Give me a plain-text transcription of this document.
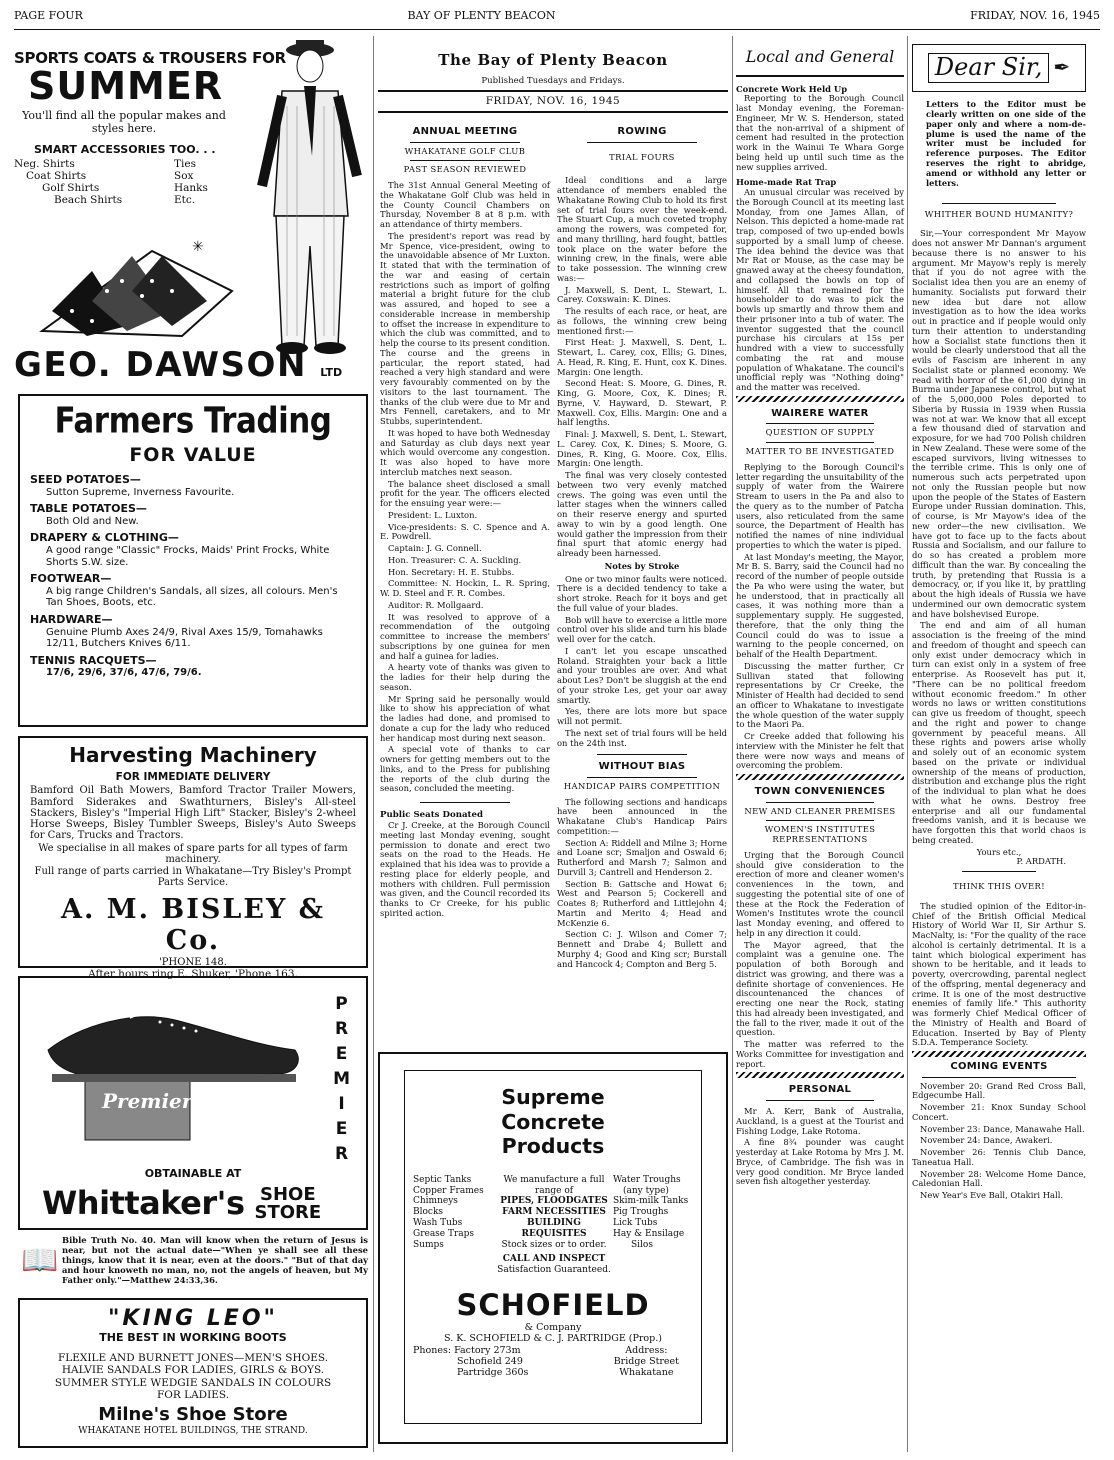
PAGE FOUR	BAY OF PLENTY BEACON	FRIDAY, NOV. 16, 1945
SPORTS COATS & TROUSERS FOR
SUMMER
You'll find all the popular makes and styles here.
SMART ACCESSORIES TOO. . .
Neg. Shirts
Coat Shirts
Golf Shirts
Beach Shirts
Ties
Sox
Hanks
Etc.
✳
GEO. DAWSON LTD
Farmers Trading
FOR VALUE
SEED POTATOES—
Sutton Supreme, Inverness Favourite.
TABLE POTATOES—
Both Old and New.
DRAPERY & CLOTHING—
A good range "Classic" Frocks, Maids' Print Frocks, White Shorts S.W. size.
FOOTWEAR—
A big range Children's Sandals, all sizes, all colours. Men's Tan Shoes, Boots, etc.
HARDWARE—
Genuine Plumb Axes 24/9, Rival Axes 15/9, Tomahawks 12/11, Butchers Knives 6/11.
TENNIS RACQUETS—
17/6, 29/6, 37/6, 47/6, 79/6.
Harvesting Machinery
FOR IMMEDIATE DELIVERY
Bamford Oil Bath Mowers, Bamford Tractor Trailer Mowers, Bamford Siderakes and Swathturners, Bisley's All-steel Stackers, Bisley's "Imperial High Lift" Stacker, Bisley's 2-wheel Horse Sweeps, Bisley Tumbler Sweeps, Bisley's Auto Sweeps for Cars, Trucks and Tractors.
We specialise in all makes of spare parts for all types of farm machinery.
Full range of parts carried in Whakatane—Try Bisley's Prompt Parts Service.
A. M. BISLEY & Co.
'PHONE 148.
After hours ring E. Shuker, 'Phone 163.
Premier
P
R
E
M
I
E
R
OBTAINABLE AT
Whittaker's SHOE
STORE
📖
Bible Truth No. 40. Man will know when the return of Jesus is near, but not the actual date—"When ye shall see all these things, know that it is near, even at the doors." "But of that day and hour knoweth no man, no, not the angels of heaven, but My Father only."—Matthew 24:33,36.
"KING LEO"
THE BEST IN WORKING BOOTS
FLEXILE AND BURNETT JONES—MEN'S SHOES.
HALVIE SANDALS FOR LADIES, GIRLS & BOYS.
SUMMER STYLE WEDGIE SANDALS IN COLOURS
FOR LADIES.
Milne's Shoe Store
WHAKATANE HOTEL BUILDINGS, THE STRAND.
The Bay of Plenty Beacon
Published Tuesdays and Fridays.
FRIDAY, NOV. 16, 1945
ANNUAL MEETING
WHAKATANE GOLF CLUB
PAST SEASON REVIEWED

The 31st Annual General Meeting of the Whakatane Golf Club was held in the County Council Chambers on Thursday, November 8 at 8 p.m. with an attendance of thirty members.

The president's report was read by Mr Spence, vice-president, owing to the unavoidable absence of Mr Luxton. It stated that with the termination of the war and easing of certain restrictions such as import of golfing material a bright future for the club was assured, and hoped to see a considerable increase in membership to offset the increase in expenditure to which the club was committed, and to help the course to its present condition. The course and the greens in particular, the report stated, had reached a very high standard and were very favourably commented on by the visitors to the last tournament. The thanks of the club were due to Mr and Mrs Fennell, caretakers, and to Mr Stubbs, superintendent.

It was hoped to have both Wednesday and Saturday as club days next year which would overcome any congestion. It was also hoped to have more interclub matches next season.

The balance sheet disclosed a small profit for the year. The officers elected for the ensuing year were:—

President: L. Luxton.

Vice-presidents: S. C. Spence and A. E. Powdrell.

Captain: J. G. Connell.

Hon. Treasurer: C. A. Suckling.

Hon. Secretary: H. E. Stubbs.

Committee: N. Hockin, L. R. Spring, W. D. Steel and F. R. Combes.

Auditor: R. Mollgaard.

It was resolved to approve of a recommendation of the outgoing committee to increase the members' subscriptions by one guinea for men and half a guinea for ladies.

A hearty vote of thanks was given to the ladies for their help during the season.

Mr Spring said he personally would like to show his appreciation of what the ladies had done, and promised to donate a cup for the lady who reduced her handicap most during next season.

A special vote of thanks to car owners for getting members out to the links, and to the Press for publishing the reports of the club during the season, concluded the meeting.

Public Seats Donated

Cr J. Creeke, at the Borough Council meeting last Monday evening, sought permission to donate and erect two seats on the road to the Heads. He explained that his idea was to provide a resting place for elderly people, and mothers with children. Full permission was given, and the Council recorded its thanks to Cr Creeke, for his public spirited action.

ROWING
TRIAL FOURS

Ideal conditions and a large attendance of members enabled the Whakatane Rowing Club to hold its first set of trial fours over the week-end. The Stuart Cup, a much coveted trophy among the rowers, was competed for, and many thrilling, hard fought, battles took place on the water before the winning crew, in the finals, were able to take possession. The winning crew was:—

J. Maxwell, S. Dent, L. Stewart, L. Carey. Coxswain: K. Dines.

The results of each race, or heat, are as follows, the winning crew being mentioned first:—

First Heat: J. Maxwell, S. Dent, L. Stewart, L. Carey, cox, Ellis; G. Dines, A. Head, R. King, E. Hunt, cox K. Dines. Margin: One length.

Second Heat: S. Moore, G. Dines, R. King, G. Moore, Cox, K. Dines; R. Byrne, V. Hayward, D. Stewart, P. Maxwell. Cox, Ellis. Margin: One and a half lengths.

Final: J. Maxwell, S. Dent, L. Stewart, L. Carey. Cox, K. Dines; S. Moore, G. Dines, R. King, G. Moore. Cox, Ellis. Margin: One length.

The final was very closely contested between two very evenly matched crews. The going was even until the latter stages when the winners called on their reserve energy and spurted away to win by a good length. One would gather the impression from their final spurt that atomic energy had already been harnessed.

Notes by Stroke

One or two minor faults were noticed. There is a decided tendency to take a short stroke. Reach for it boys and get the full value of your blades.

Bob will have to exercise a little more control over his slide and turn his blade well over for the catch.

I can't let you escape unscathed Roland. Straighten your back a little and your troubles are over. And what about Les? Don't be sluggish at the end of your stroke Les, get your oar away smartly.

Yes, there are lots more but space will not permit.

The next set of trial fours will be held on the 24th inst.

WITHOUT BIAS
HANDICAP PAIRS COMPETITION

The following sections and handicaps have been announced in the Whakatane Club's Handicap Pairs competition:—

Section A: Riddell and Milne 3; Horne and Loane scr; Smaljon and Oswald 6; Rutherford and Marsh 7; Salmon and Durvill 3; Cantrell and Henderson 2.

Section B: Gattsche and Howat 6; West and Pearson 5; Cockerell and Coates 8; Rutherford and Littlejohn 4; Martin and Merito 4; Head and McKenzie 6.

Section C: J. Wilson and Comer 7; Bennett and Drabe 4; Bullett and Murphy 4; Good and King scr; Burstall and Hancock 4; Compton and Berg 5.

Supreme Concrete Products
Septic Tanks
Copper Frames
Chimneys
Blocks
Wash Tubs
Grease Traps
Sumps
We manufacture a full range of
PIPES, FLOODGATES
FARM NECESSITIES
BUILDING REQUISITES
Stock sizes or to order.
CALL AND INSPECT
Satisfaction Guaranteed.
Water Troughs
(any type)
Skim-milk Tanks
Pig Troughs
Lick Tubs
Hay & Ensilage
Silos
SCHOFIELD
& Company
S. K. SCHOFIELD & C. J. PARTRIDGE (Prop.)
Phones: Factory 273m
Schofield 249
Partridge 360s
Address:
Bridge Street
Whakatane
Local and General
Concrete Work Held Up

Reporting to the Borough Council last Monday evening, the Foreman-Engineer, Mr W. S. Henderson, stated that the non-arrival of a shipment of cement had resulted in the protection work in the Wainui Te Whara Gorge being held up until such time as the new supplies arrived.

Home-made Rat Trap

An unusual circular was received by the Borough Council at its meeting last Monday, from one James Allan, of Nelson. This depicted a home-made rat trap, composed of two up-ended bowls supported by a small lump of cheese. The idea behind the device was that Mr Rat or Mouse, as the case may be gnawed away at the cheesy foundation, and collapsed the bowls on top of himself. All that remained for the householder to do was to pick the bowls up smartly and throw them and their prisoner into a tub of water. The inventor suggested that the council purchase his circulars at 15s per hundred with a view to successfully combating the rat and mouse population of Whakatane. The council's unofficial reply was "Nothing doing" and the matter was received.

WAIRERE WATER
QUESTION OF SUPPLY
MATTER TO BE INVESTIGATED

Replying to the Borough Council's letter regarding the unsuitability of the supply of water from the Wairere Stream to users in the Pa and also to the query as to the number of Patcha users, also reticulated from the same source, the Department of Health has notified the names of nine individual properties to which the water is piped.

At last Monday's meeting, the Mayor, Mr B. S. Barry, said the Council had no record of the number of people outside the Pa who were using the water, but he understood, that in practically all cases, it was nothing more than a supplementary supply. He suggested, therefore, that the only thing the Council could do was to issue a warning to the people concerned, on behalf of the Health Department.

Discussing the matter further, Cr Sullivan stated that following representations by Cr Creeke, the Minister of Health had decided to send an officer to Whakatane to investigate the whole question of the water supply to the Maori Pa.

Cr Creeke added that following his interview with the Minister he felt that there were now ways and means of overcoming the problem.

TOWN CONVENIENCES
NEW AND CLEANER PREMISES
WOMEN'S INSTITUTES REPRESENTATIONS

Urging that the Borough Council should give consideration to the erection of more and cleaner women's conveniences in the town, and suggesting the potential site of one of these at the Rock the Federation of Women's Institutes wrote the council last Monday evening, and offered to help in any direction it could.

The Mayor agreed, that the complaint was a genuine one. The population of both Borough and district was growing, and there was a definite shortage of conveniences. He discountenanced the chances of erecting one near the Rock, stating this had already been investigated, and the fall to the river, made it out of the question.

The matter was referred to the Works Committee for investigation and report.

PERSONAL

Mr A. Kerr, Bank of Australia, Auckland, is a guest at the Tourist and Fishing Lodge, Lake Rotoma.

A fine 8¾ pounder was caught yesterday at Lake Rotoma by Mrs J. M. Bryce, of Cambridge. The fish was in very good condition. Mr Bryce landed seven fish altogether yesterday.

Dear Sir, ✒
Letters to the Editor must be clearly written on one side of the paper only and where a nom-de-plume is used the name of the writer must be included for reference purposes. The Editor reserves the right to abridge, amend or withhold any letter or letters.
WHITHER BOUND HUMANITY?

Sir,—Your correspondent Mr Mayow does not answer Mr Dannan's argument because there is no answer to his argument. Mr Mayow's reply is merely that if you do not agree with the Socialist idea then you are an enemy of humanity. Socialists put forward their new idea but dare not allow investigation as to how the idea works out in practice and if people would only turn their attention to understanding how a Socialist state functions then it would be clearly understood that all the evils of Fascism are inherent in any Socialist state or planned economy. We read with horror of the 61,000 dying in Burma under Japanese control, but what of the 5,000,000 Poles deported to Siberia by Russia in 1939 when Russia was not at war. We know that all except a few thousand died of starvation and exposure, for we had 700 Polish children in New Zealand. These were some of the escaped survivors, living witnesses to the terrible crime. This is only one of numerous such acts perpetrated upon not only the Russian people but now upon the people of the States of Eastern Europe under Russian domination. This, of course, is Mr Mayow's idea of the new order—the new civilisation. We have got to face up to the facts about Russia and Socialism, and our failure to do so has created a problem more difficult than the war. By concealing the truth, by pretending that Russia is a democracy, or, if you like it, by prattling about the high ideals of Russia we have undermined our own democratic system and have bolshevised Europe.

The end and aim of all human association is the freeing of the mind and freedom of thought and speech can only exist under democracy which in turn can exist only in a system of free enterprise. As Roosevelt has put it, "There can be no political freedom without economic freedom." In other words no laws or written constitutions can give us freedom of thought, speech and the right and power to change government by peaceful means. All these rights and powers arise wholly and solely out of an economic system based on the private or individual ownership of the means of production, distribution and exchange plus the right of the individual to plan what he does with what he owns. Destroy free enterprise and all our fundamental freedoms vanish, and it is because we have forgotten this that world chaos is being created.

Yours etc.,
P. ARDATH.
THINK THIS OVER!

The studied opinion of the Editor-in-Chief of the British Official Medical History of World War II, Sir Arthur S. MacNalty, is: "For the quality of the race alcohol is certainly detrimental. It is a taint which biological experiment has shown to be heritable, and it leads to poverty, overcrowding, parental neglect of the offspring, mental degeneracy and crime. It is one of the most destructive enemies of family life." This authority was formerly Chief Medical Officer of the Ministry of Health and Board of Education. Inserted by Bay of Plenty S.D.A. Temperance Society.

COMING EVENTS

November 20: Grand Red Cross Ball, Edgecumbe Hall.

November 21: Knox Sunday School Concert.

November 23: Dance, Manawahe Hall.

November 24: Dance, Awakeri.

November 26: Tennis Club Dance, Taneatua Hall.

November 28: Welcome Home Dance, Caledonian Hall.

New Year's Eve Ball, Otakiri Hall.
